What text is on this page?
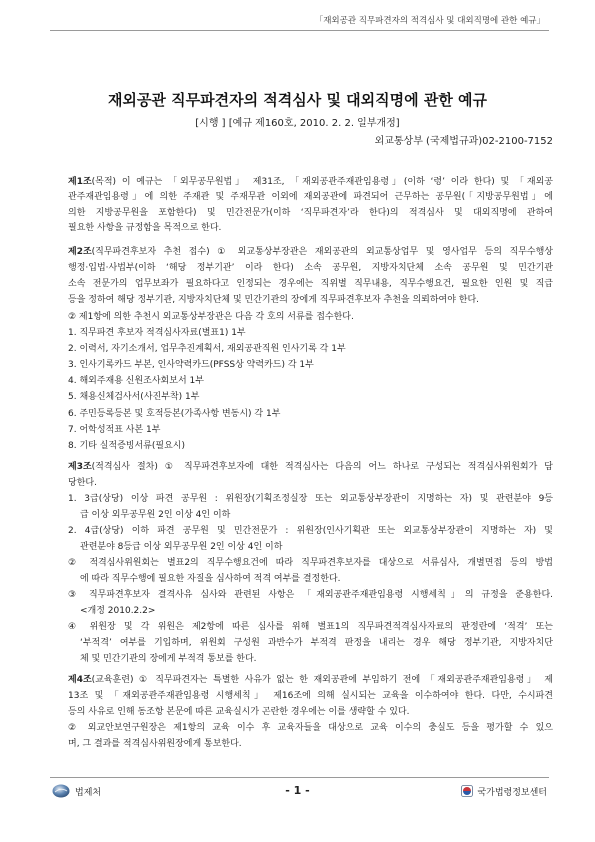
「재외공관 직무파견자의 적격심사 및 대외직명에 관한 예규」
재외공관 직무파견자의 적격심사 및 대외직명에 관한 예규
[시행 ] [예규 제160호, 2010. 2. 2. 일부개정]
외교통상부 (국제법규과)02-2100-7152
제1조(목적) 이 예규는 「외무공무원법」 제31조, 「재외공관주재관임용령」(이하 ‘령’ 이라 한다) 및 「재외공
관주재관임용령」에 의한 주재관 및 주재무관 이외에 재외공관에 파견되어 근무하는 공무원(「지방공무원법」에
의한 지방공무원을 포함한다) 및 민간전문가(이하 ‘직무파견자’라 한다)의 적격심사 및 대외직명에 관하여
필요한 사항을 규정함을 목적으로 한다.
제2조(직무파견후보자 추천 접수) ① 외교통상부장관은 재외공관의 외교통상업무 및 영사업무 등의 직무수행상
행정·입법·사법부(이하 ‘해당 정부기관’ 이라 한다) 소속 공무원, 지방자치단체 소속 공무원 및 민간기관
소속 전문가의 업무보좌가 필요하다고 인정되는 경우에는 직위별 직무내용, 직무수행요건, 필요한 인원 및 직급
등을 정하여 해당 정부기관, 지방자치단체 및 민간기관의 장에게 직무파견후보자 추천을 의뢰하여야 한다.
② 제1항에 의한 추천시 외교통상부장관은 다음 각 호의 서류를 접수한다.
1. 직무파견 후보자 적격심사자료(별표1) 1부
2. 이력서, 자기소개서, 업무추진계획서, 재외공관직원 인사기록 각 1부
3. 인사기록카드 부본, 인사약력카드(PFSS상 약력카드) 각 1부
4. 해외주재용 신원조사회보서 1부
5. 채용신체검사서(사진부착) 1부
6. 주민등록등본 및 호적등본(가족사항 변동시) 각 1부
7. 어학성적표 사본 1부
8. 기타 실적증빙서류(필요시)
제3조(적격심사 절차) ① 직무파견후보자에 대한 적격심사는 다음의 어느 하나로 구성되는 적격심사위원회가 담
당한다.
1. 3급(상당) 이상 파견 공무원 : 위원장(기획조정실장 또는 외교통상부장관이 지명하는 자) 및 관련분야 9등
급 이상 외무공무원 2인 이상 4인 이하
2. 4급(상당) 이하 파견 공무원 및 민간전문가 : 위원장(인사기획관 또는 외교통상부장관이 지명하는 자) 및
관련분야 8등급 이상 외무공무원 2인 이상 4인 이하
② 적격심사위원회는 별표2의 직무수행요건에 따라 직무파견후보자를 대상으로 서류심사, 개별면접 등의 방법
에 따라 직무수행에 필요한 자질을 심사하여 적격 여부를 결정한다.
③ 직무파견후보자 결격사유 심사와 관련된 사항은 「재외공관주재관임용령 시행세칙」의 규정을 준용한다.
<개정 2010.2.2>
④ 위원장 및 각 위원은 제2항에 따른 심사를 위해 별표1의 직무파견적격심사자료의 판정란에 ‘적격’ 또는
‘부적격’ 여부를 기입하며, 위원회 구성원 과반수가 부적격 판정을 내리는 경우 해당 정부기관, 지방자치단
체 및 민간기관의 장에게 부적격 통보를 한다.
제4조(교육훈련) ① 직무파견자는 특별한 사유가 없는 한 재외공관에 부임하기 전에 「재외공관주재관임용령」 제
13조 및 「재외공관주재관임용령 시행세칙」 제16조에 의해 실시되는 교육을 이수하여야 한다. 다만, 수시파견
등의 사유로 인해 동조항 본문에 따른 교육실시가 곤란한 경우에는 이를 생략할 수 있다.
② 외교안보연구원장은 제1항의 교육 이수 후 교육자들을 대상으로 교육 이수의 충실도 등을 평가할 수 있으
며, 그 결과를 적격심사위원장에게 통보한다.
법제처	- 1 -	국가법령정보센터
